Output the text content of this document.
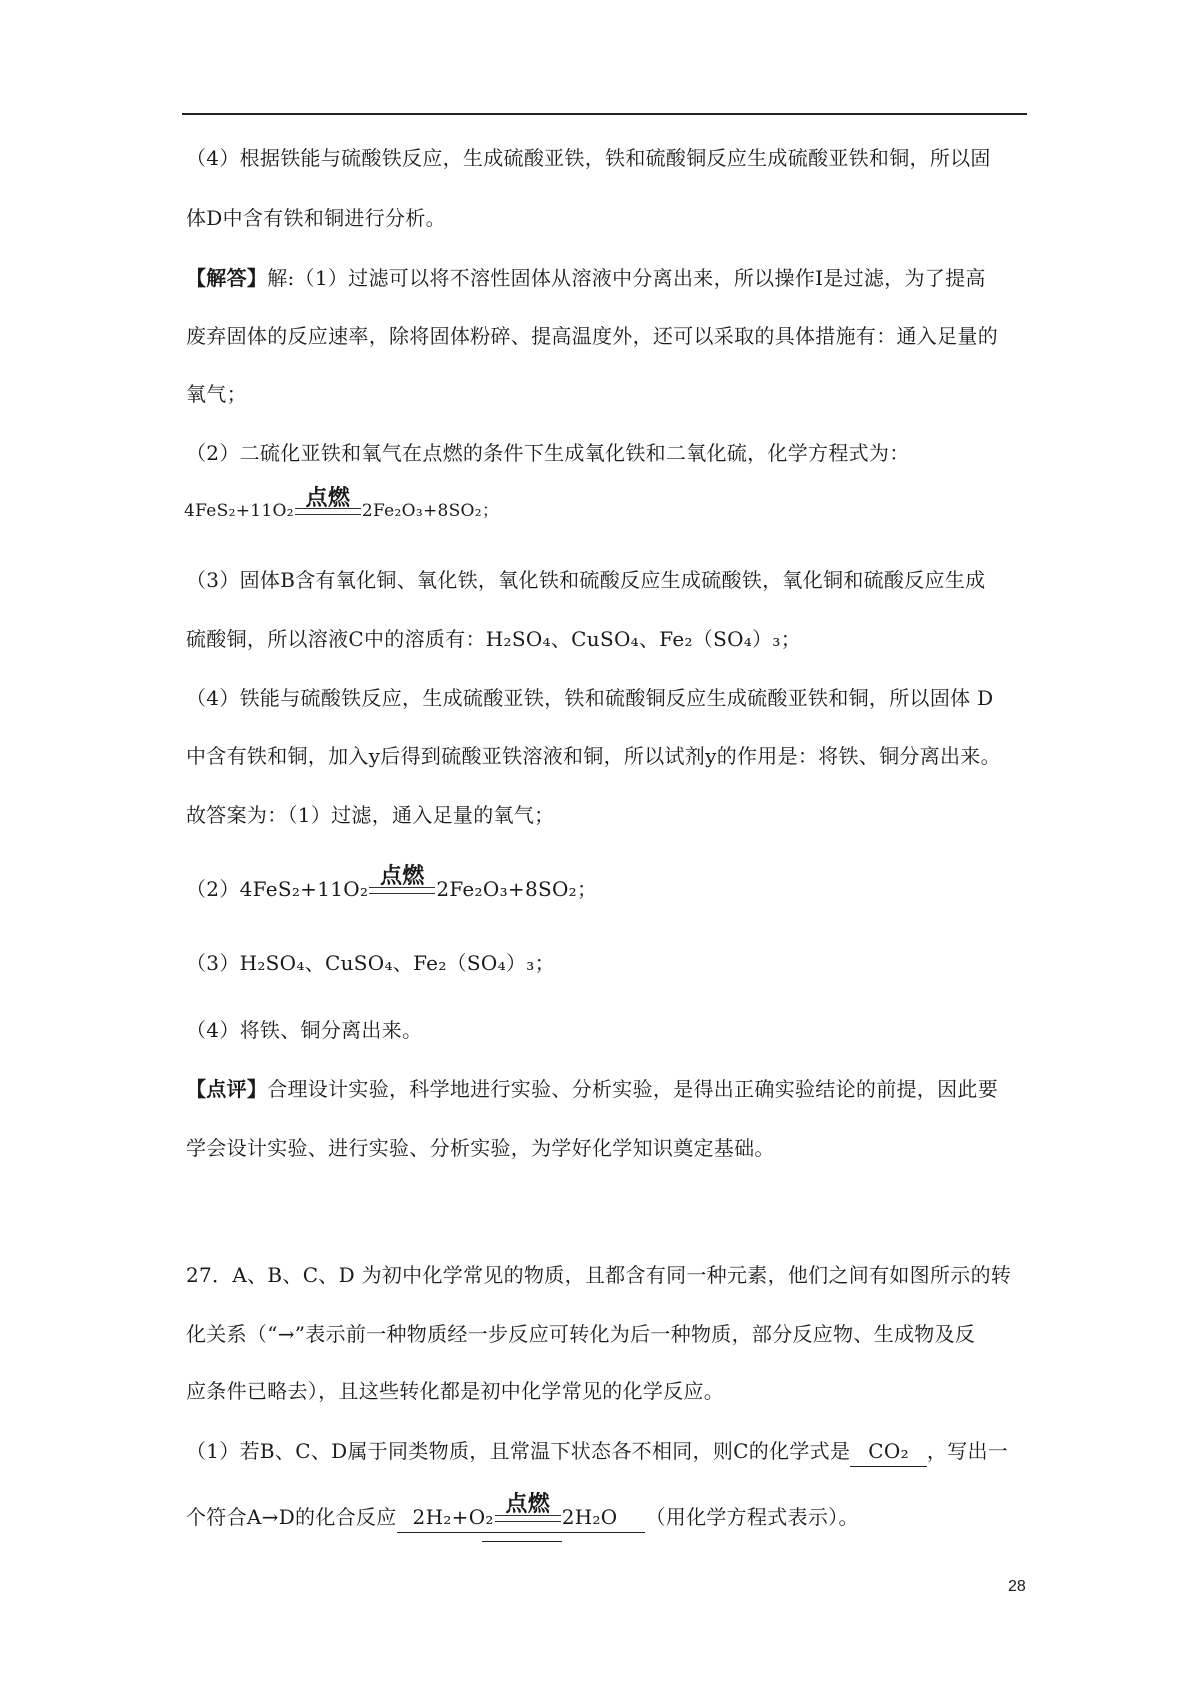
（4）根据铁能与硫酸铁反应，生成硫酸亚铁，铁和硫酸铜反应生成硫酸亚铁和铜，所以固
体D中含有铁和铜进行分析。
【解答】解:（1）过滤可以将不溶性固体从溶液中分离出来，所以操作Ⅰ是过滤，为了提高
废弃固体的反应速率，除将固体粉碎、提高温度外，还可以采取的具体措施有：通入足量的
氧气；
（2）二硫化亚铁和氧气在点燃的条件下生成氧化铁和二氧化硫，化学方程式为：
4FeS₂+11O₂ 点燃 2Fe₂O₃+8SO₂；
（3）固体B含有氧化铜、氧化铁，氧化铁和硫酸反应生成硫酸铁，氧化铜和硫酸反应生成
硫酸铜，所以溶液C中的溶质有：H₂SO₄、CuSO₄、Fe₂（SO₄）₃；
（4）铁能与硫酸铁反应，生成硫酸亚铁，铁和硫酸铜反应生成硫酸亚铁和铜，所以固体 D
中含有铁和铜，加入y后得到硫酸亚铁溶液和铜，所以试剂y的作用是：将铁、铜分离出来。
故答案为：（1）过滤，通入足量的氧气；
（2）4FeS₂+11O₂ 点燃 2Fe₂O₃+8SO₂；
（3）H₂SO₄、CuSO₄、Fe₂（SO₄）₃；
（4）将铁、铜分离出来。
【点评】合理设计实验，科学地进行实验、分析实验，是得出正确实验结论的前提，因此要
学会设计实验、进行实验、分析实验，为学好化学知识奠定基础。
27．A、B、C、D 为初中化学常见的物质，且都含有同一种元素，他们之间有如图所示的转
化关系（“→”表示前一种物质经一步反应可转化为后一种物质，部分反应物、生成物及反
应条件已略去），且这些转化都是初中化学常见的化学反应。
（1）若B、C、D属于同类物质，且常温下状态各不相同，则C的化学式是 CO₂ ，写出一
个符合A→D的化合反应 2H₂+O₂ 点燃 2H₂O （用化学方程式表示）。
28
